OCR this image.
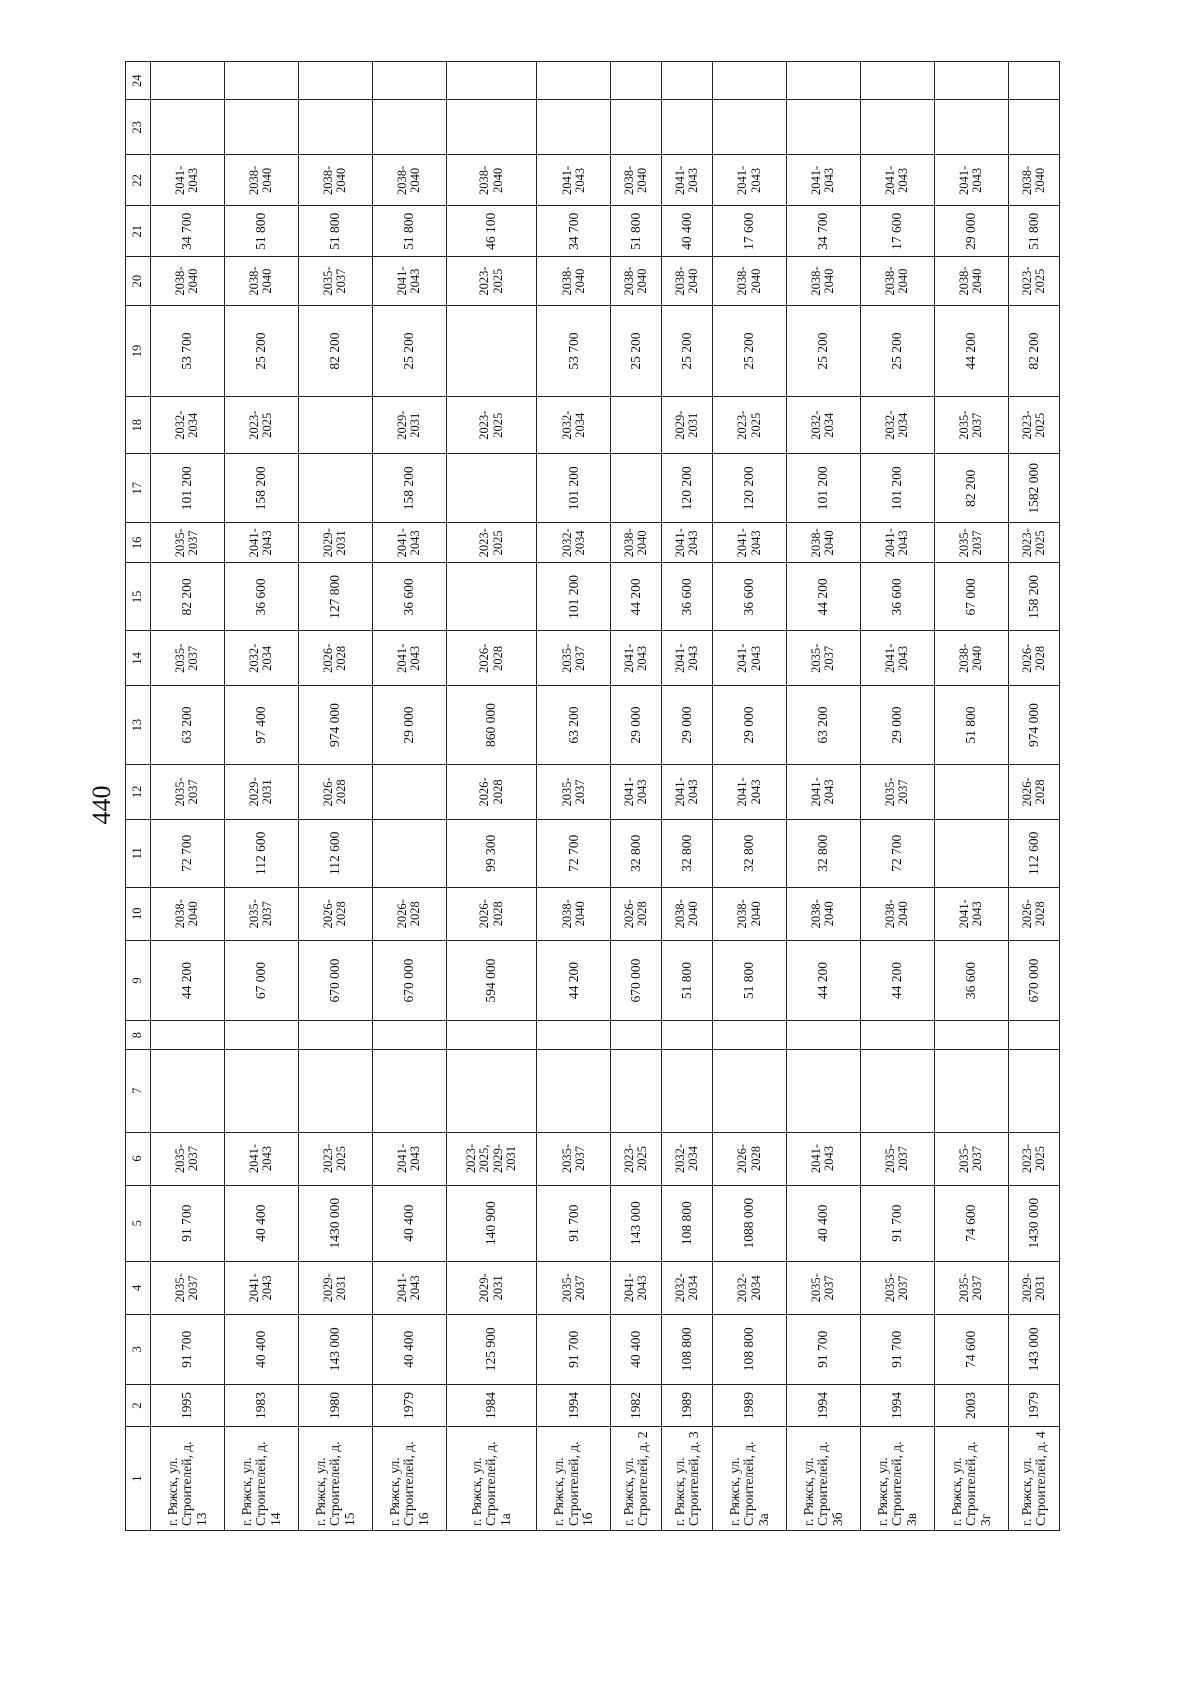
440
1	2	3	4	5	6	7	8	9	10	11	12	13	14	15	16	17	18	19	20	21	22	23	24
г. Ряжск, ул. Строителей, д. 13	1995	91 700	2035-2037	91 700	2035-2037			44 200	2038-2040	72 700	2035-2037	63 200	2035-2037	82 200	2035-2037	101 200	2032-2034	53 700	2038-2040	34 700	2041-2043		
г. Ряжск, ул. Строителей, д. 14	1983	40 400	2041-2043	40 400	2041-2043			67 000	2035-2037	112 600	2029-2031	97 400	2032-2034	36 600	2041-2043	158 200	2023-2025	25 200	2038-2040	51 800	2038-2040		
г. Ряжск, ул. Строителей, д. 15	1980	143 000	2029-2031	1430 000	2023-2025			670 000	2026-2028	112 600	2026-2028	974 000	2026-2028	127 800	2029-2031			82 200	2035-2037	51 800	2038-2040		
г. Ряжск, ул. Строителей, д. 16	1979	40 400	2041-2043	40 400	2041-2043			670 000	2026-2028			29 000	2041-2043	36 600	2041-2043	158 200	2029-2031	25 200	2041-2043	51 800	2038-2040		
г. Ряжск, ул. Строителей, д. 1а	1984	125 900	2029-2031	140 900	2023-2025, 2029-2031			594 000	2026-2028	99 300	2026-2028	860 000	2026-2028		2023-2025		2023-2025		2023-2025	46 100	2038-2040		
г. Ряжск, ул. Строителей, д. 1б	1994	91 700	2035-2037	91 700	2035-2037			44 200	2038-2040	72 700	2035-2037	63 200	2035-2037	101 200	2032-2034	101 200	2032-2034	53 700	2038-2040	34 700	2041-2043		
г. Ряжск, ул. Строителей, д. 2	1982	40 400	2041-2043	143 000	2023-2025			670 000	2026-2028	32 800	2041-2043	29 000	2041-2043	44 200	2038-2040			25 200	2038-2040	51 800	2038-2040		
г. Ряжск, ул. Строителей, д. 3	1989	108 800	2032-2034	108 800	2032-2034			51 800	2038-2040	32 800	2041-2043	29 000	2041-2043	36 600	2041-2043	120 200	2029-2031	25 200	2038-2040	40 400	2041-2043		
г. Ряжск, ул. Строителей, д. 3а	1989	108 800	2032-2034	1088 000	2026-2028			51 800	2038-2040	32 800	2041-2043	29 000	2041-2043	36 600	2041-2043	120 200	2023-2025	25 200	2038-2040	17 600	2041-2043		
г. Ряжск, ул. Строителей, д. 3б	1994	91 700	2035-2037	40 400	2041-2043			44 200	2038-2040	32 800	2041-2043	63 200	2035-2037	44 200	2038-2040	101 200	2032-2034	25 200	2038-2040	34 700	2041-2043		
г. Ряжск, ул. Строителей, д. 3в	1994	91 700	2035-2037	91 700	2035-2037			44 200	2038-2040	72 700	2035-2037	29 000	2041-2043	36 600	2041-2043	101 200	2032-2034	25 200	2038-2040	17 600	2041-2043		
г. Ряжск, ул. Строителей, д. 3г	2003	74 600	2035-2037	74 600	2035-2037			36 600	2041-2043			51 800	2038-2040	67 000	2035-2037	82 200	2035-2037	44 200	2038-2040	29 000	2041-2043		
г. Ряжск, ул. Строителей, д. 4	1979	143 000	2029-2031	1430 000	2023-2025			670 000	2026-2028	112 600	2026-2028	974 000	2026-2028	158 200	2023-2025	1582 000	2023-2025	82 200	2023-2025	51 800	2038-2040		
